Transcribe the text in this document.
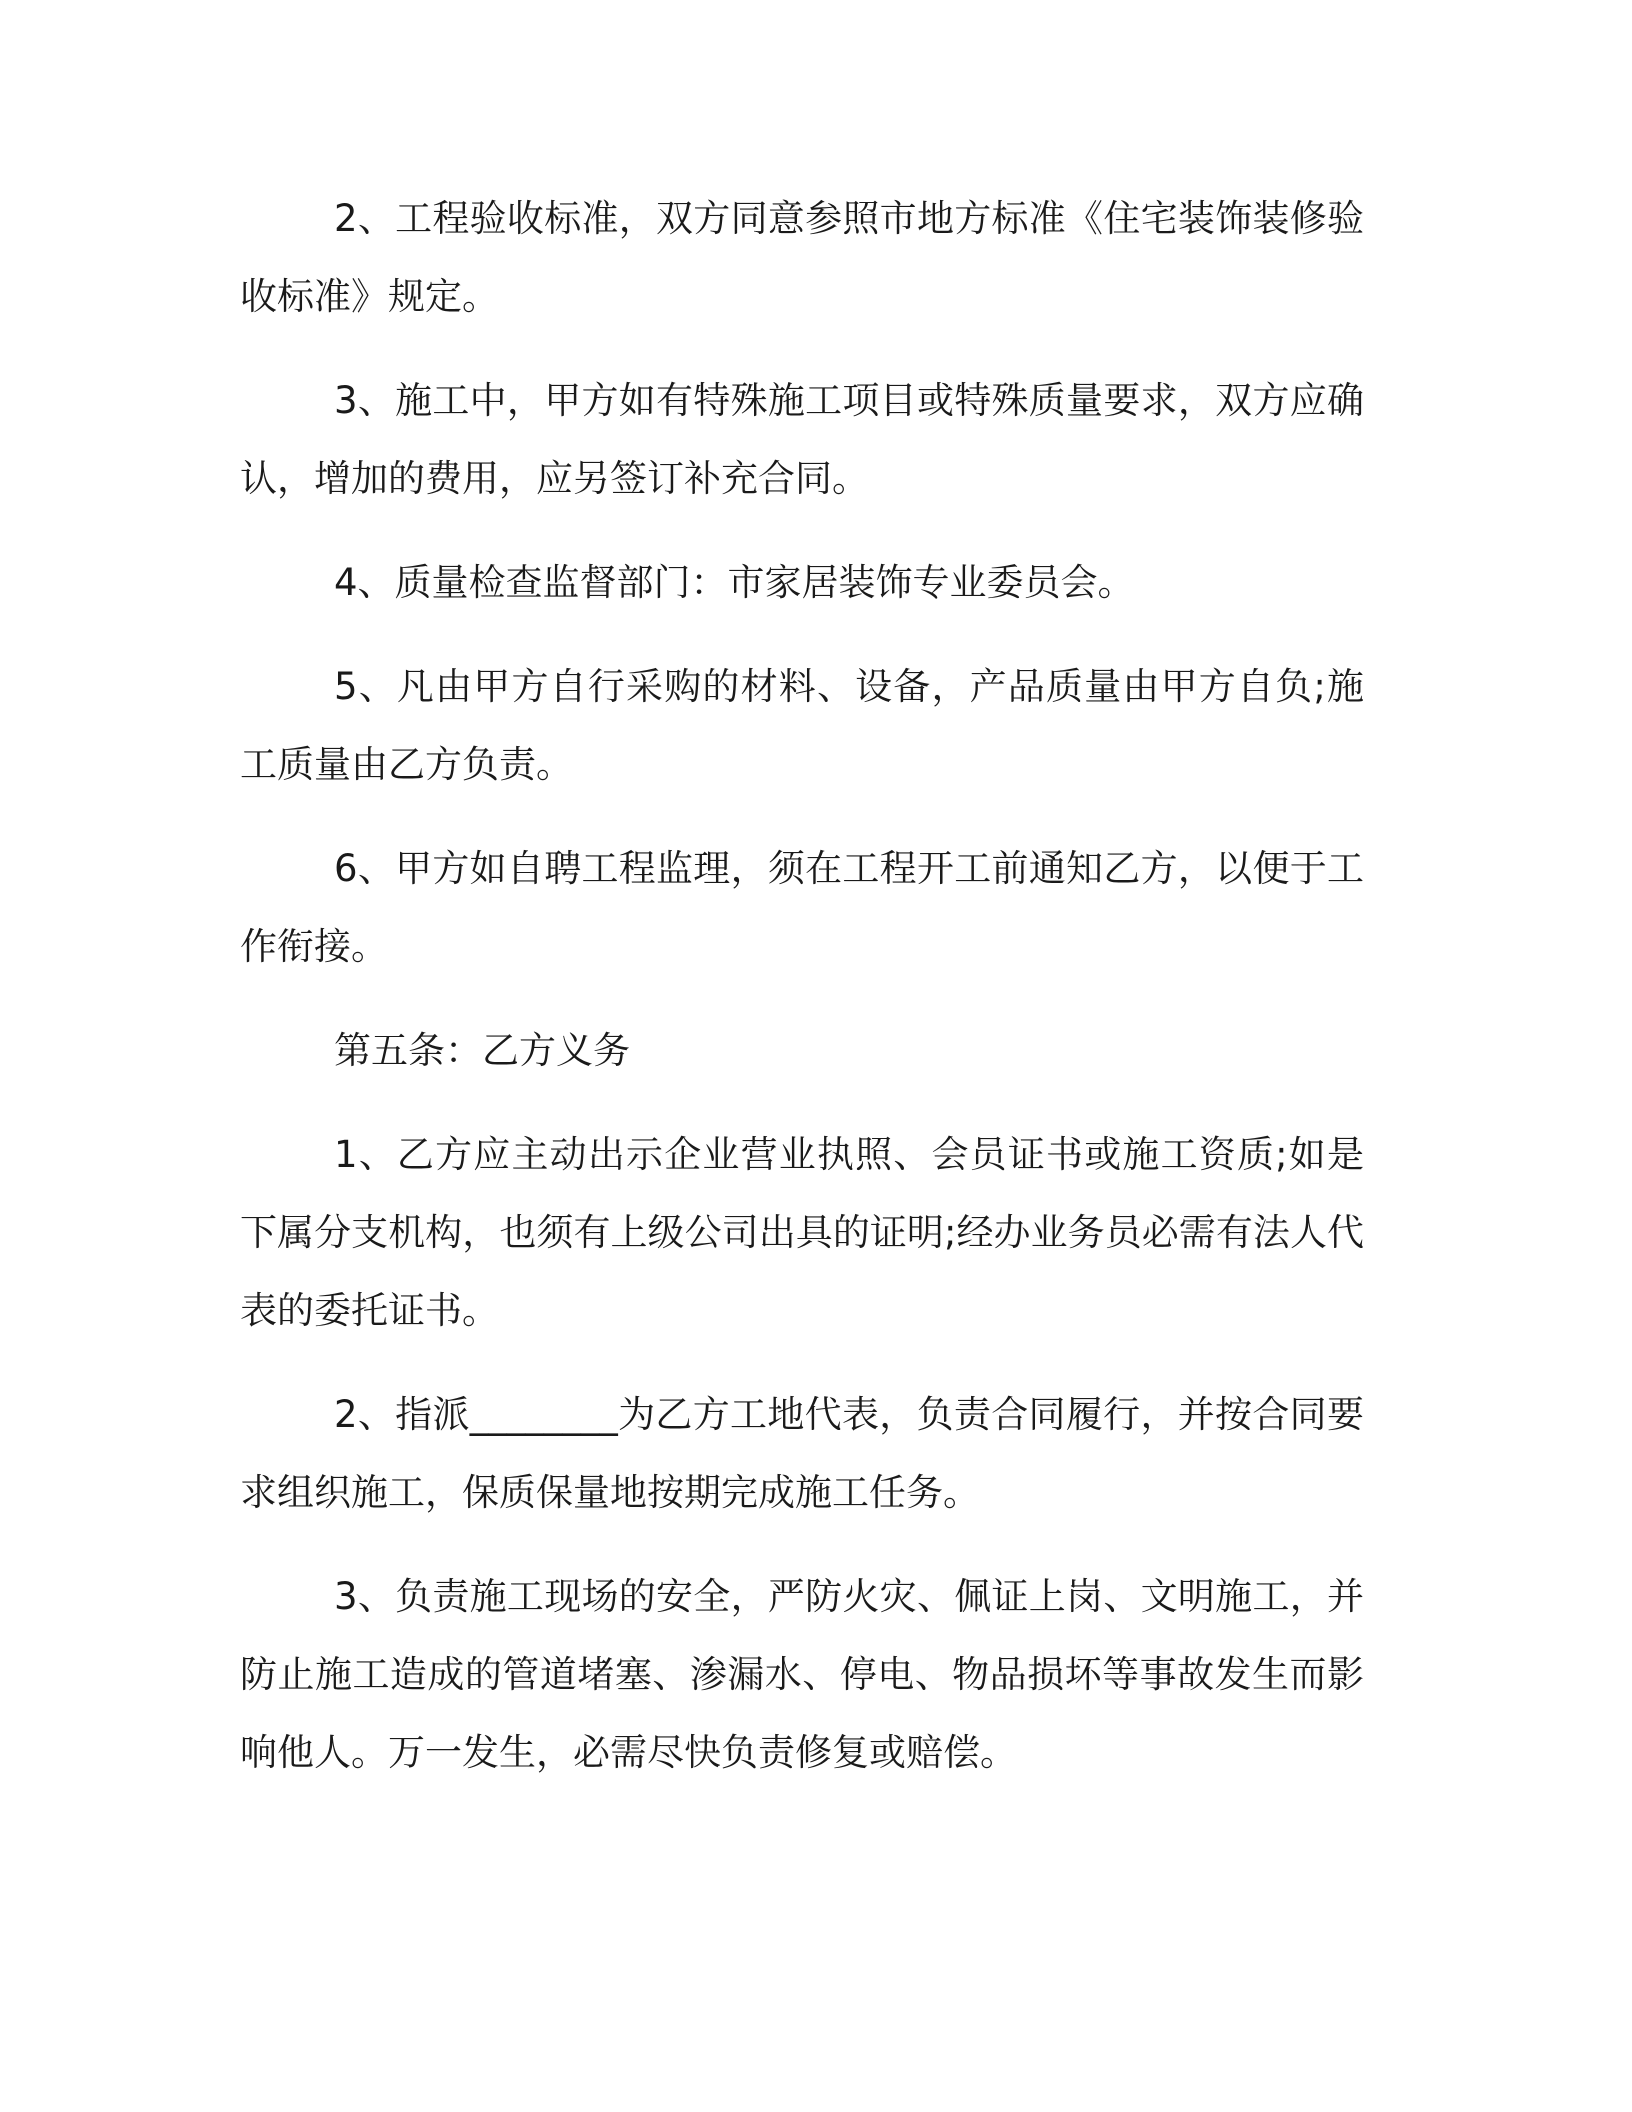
2、工程验收标准，双方同意参照市地方标准《住宅装饰装修验收标准》规定。

3、施工中，甲方如有特殊施工项目或特殊质量要求，双方应确认，增加的费用，应另签订补充合同。

4、质量检查监督部门：市家居装饰专业委员会。

5、凡由甲方自行采购的材料、设备，产品质量由甲方自负;施工质量由乙方负责。

6、甲方如自聘工程监理，须在工程开工前通知乙方，以便于工作衔接。

第五条：乙方义务

1、乙方应主动出示企业营业执照、会员证书或施工资质;如是下属分支机构，也须有上级公司出具的证明;经办业务员必需有法人代表的委托证书。

2、指派________为乙方工地代表，负责合同履行，并按合同要求组织施工，保质保量地按期完成施工任务。

3、负责施工现场的安全，严防火灾、佩证上岗、文明施工，并防止施工造成的管道堵塞、渗漏水、停电、物品损坏等事故发生而影响他人。万一发生，必需尽快负责修复或赔偿。
